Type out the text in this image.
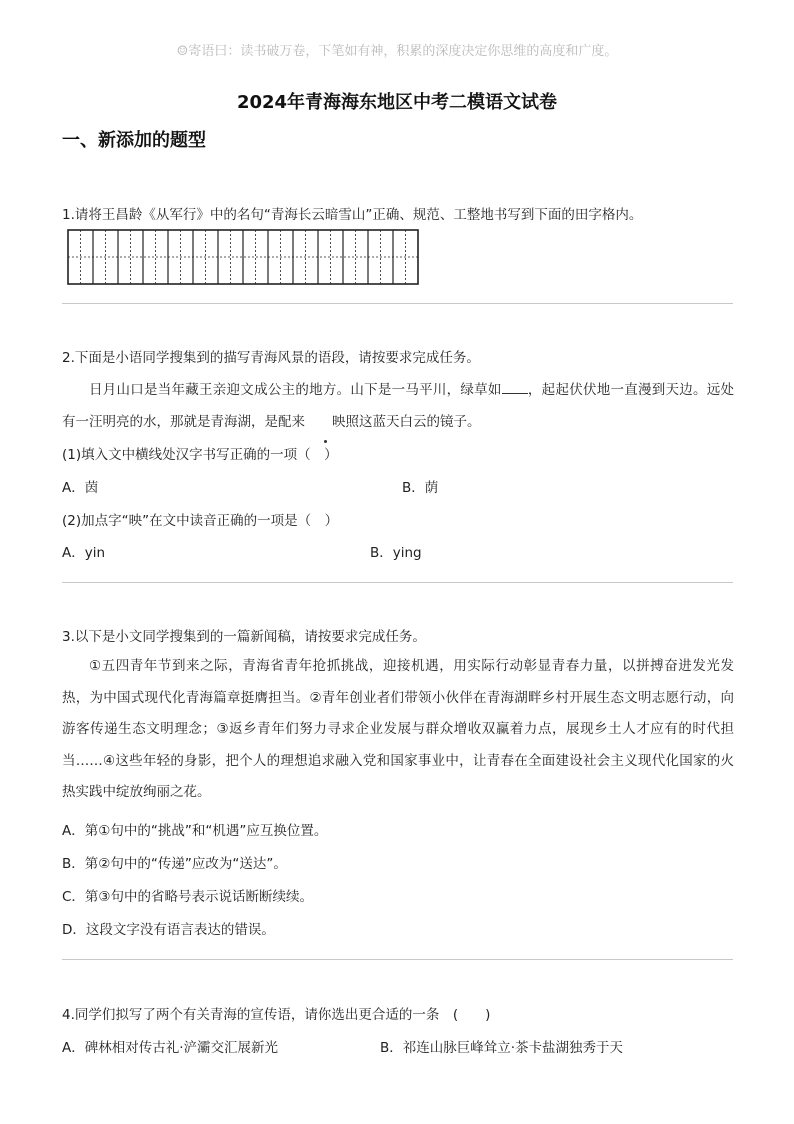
☺寄语曰：读书破万卷，下笔如有神，积累的深度决定你思维的高度和广度。
2024年青海海东地区中考二模语文试卷
一、新添加的题型
1.请将王昌龄《从军行》中的名句“青海长云暗雪山”正确、规范、工整地书写到下面的田字格内。
2.下面是小语同学搜集到的描写青海风景的语段，请按要求完成任务。
日月山口是当年藏王亲迎文成公主的地方。山下是一马平川，绿草如 ，起起伏伏地一直漫到天边。远处有一汪明亮的水，那就是青海湖，是配来 映照这蓝天白云的镜子。
(1)填入文中横线处汉字书写正确的一项（　）
A．茵	B．荫
(2)加点字“映”在文中读音正确的一项是（　）
A．yin	B．ying
3.以下是小文同学搜集到的一篇新闻稿，请按要求完成任务。
①五四青年节到来之际，青海省青年抢抓挑战，迎接机遇，用实际行动彰显青春力量，以拼搏奋进发光发热，为中国式现代化青海篇章挺膺担当。②青年创业者们带领小伙伴在青海湖畔乡村开展生态文明志愿行动，向游客传递生态文明理念；③返乡青年们努力寻求企业发展与群众增收双赢着力点，展现乡土人才应有的时代担当……④这些年轻的身影，把个人的理想追求融入党和国家事业中，让青春在全面建设社会主义现代化国家的火热实践中绽放绚丽之花。
A．第①句中的“挑战”和“机遇”应互换位置。
B．第②句中的“传递”应改为“送达”。
C．第③句中的省略号表示说话断断续续。
D．这段文字没有语言表达的错误。
4.同学们拟写了两个有关青海的宣传语，请你选出更合适的一条　(　　)
A．碑林相对传古礼·浐灞交汇展新光	B．祁连山脉巨峰耸立·茶卡盐湖独秀于天
